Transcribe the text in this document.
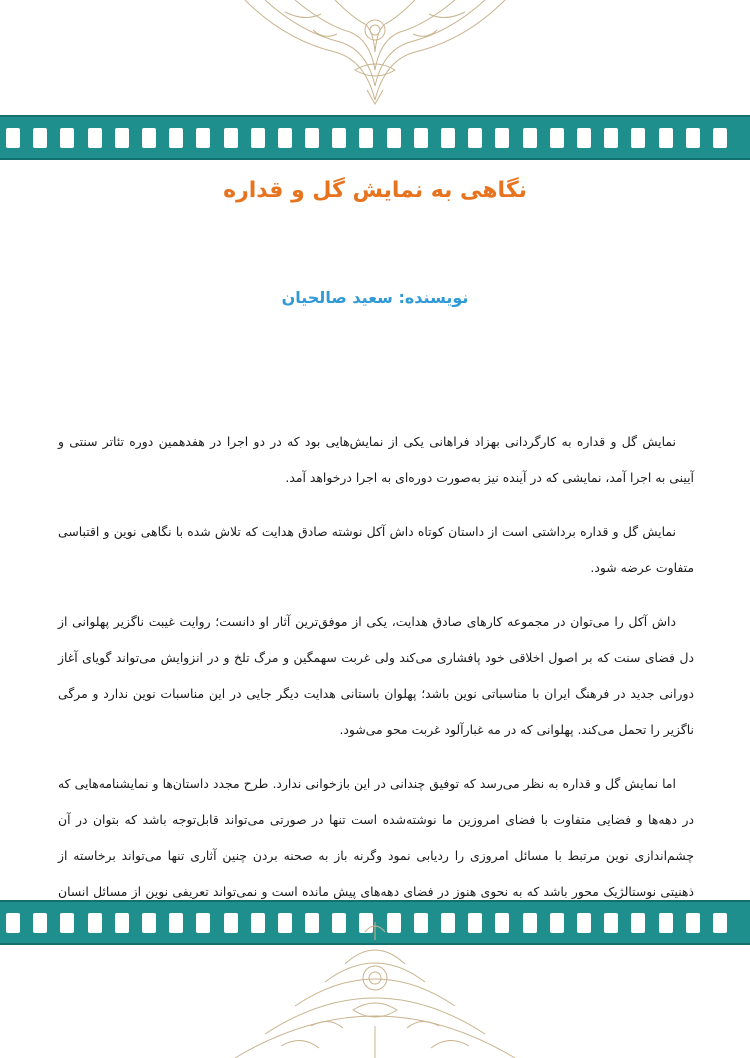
نگاهی به نمایش گل و قداره
نویسنده: سعید صالحیان

نمایش گل و قداره به کارگردانی بهزاد فراهانی یکی از نمایش‌هایی بود که در دو اجرا در هفدهمین دوره تئاتر سنتی و آیینی به اجرا آمد، نمایشی که در آینده نیز به‌صورت دوره‌ای به اجرا درخواهد آمد.

نمایش گل و قداره برداشتی است از داستان کوتاه داش آکل نوشته صادق هدایت که تلاش شده با نگاهی نوین و اقتباسی متفاوت عرضه شود.

داش آکل را می‌توان در مجموعه کارهای صادق هدایت، یکی از موفق‌ترین آثار او دانست؛ روایت غیبت ناگزیر پهلوانی از دل فضای سنت که بر اصول اخلاقی خود پافشاری می‌کند ولی غربت سهمگین و مرگ تلخ و در انزوایش می‌تواند گویای آغاز دورانی جدید در فرهنگ ایران با مناسباتی نوین باشد؛ پهلوان باستانی هدایت دیگر جایی در این مناسبات نوین ندارد و مرگی ناگزیر را تحمل می‌کند. پهلوانی که در مه غبارآلود غربت محو می‌شود.

اما نمایش گل و قداره به نظر می‌رسد که توفیق چندانی در این بازخوانی ندارد. طرح مجدد داستان‌ها و نمایشنامه‌هایی که در دهه‌ها و فضایی متفاوت با فضای امروزین ما نوشته‌شده است تنها در صورتی می‌تواند قابل‌توجه باشد که بتوان در آن چشم‌اندازی نوین مرتبط با مسائل امروزی را ردیابی نمود وگرنه باز به صحنه بردن چنین آثاری تنها می‌تواند برخاسته از ذهنیتی نوستالژیک محور باشد که به نحوی هنوز در فضای دهه‌های پیش مانده است و نمی‌تواند تعریفی نوین از مسائل انسان
